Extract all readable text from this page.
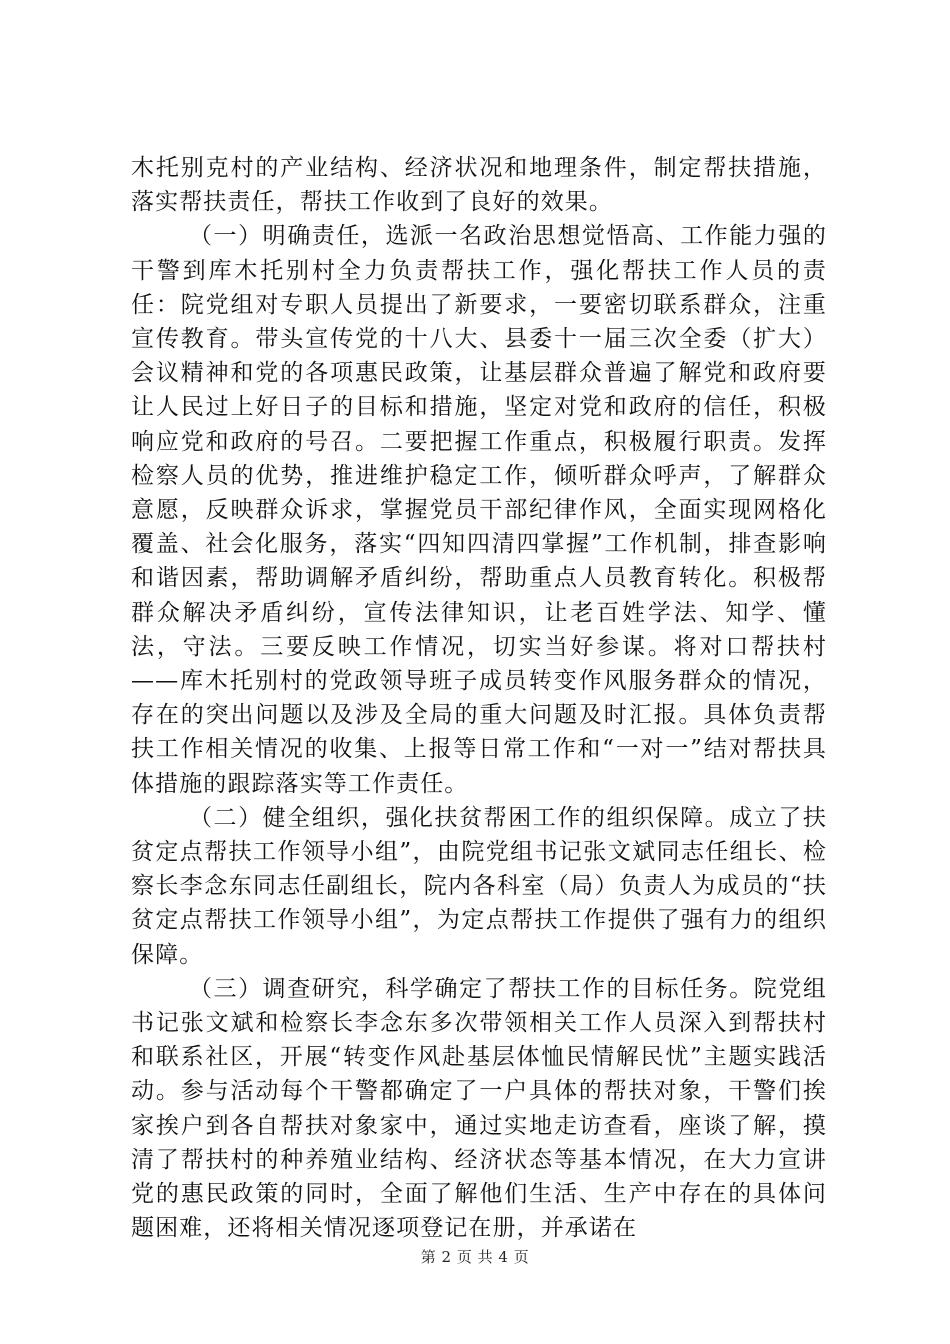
木托别克村的产业结构、经济状况和地理条件，制定帮扶措施，落实帮扶责任，帮扶工作收到了良好的效果。

（一）明确责任，选派一名政治思想觉悟高、工作能力强的干警到库木托别村全力负责帮扶工作，强化帮扶工作人员的责任：院党组对专职人员提出了新要求，一要密切联系群众，注重宣传教育。带头宣传党的十八大、县委十一届三次全委（扩大）会议精神和党的各项惠民政策，让基层群众普遍了解党和政府要让人民过上好日子的目标和措施，坚定对党和政府的信任，积极响应党和政府的号召。二要把握工作重点，积极履行职责。发挥检察人员的优势，推进维护稳定工作，倾听群众呼声，了解群众意愿，反映群众诉求，掌握党员干部纪律作风，全面实现网格化覆盖、社会化服务，落实“四知四清四掌握”工作机制，排查影响和谐因素，帮助调解矛盾纠纷，帮助重点人员教育转化。积极帮群众解决矛盾纠纷，宣传法律知识，让老百姓学法、知学、懂法，守法。三要反映工作情况，切实当好参谋。将对口帮扶村——库木托别村的党政领导班子成员转变作风服务群众的情况，存在的突出问题以及涉及全局的重大问题及时汇报。具体负责帮扶工作相关情况的收集、上报等日常工作和“一对一”结对帮扶具体措施的跟踪落实等工作责任。

（二）健全组织，强化扶贫帮困工作的组织保障。成立了扶贫定点帮扶工作领导小组”，由院党组书记张文斌同志任组长、检察长李念东同志任副组长，院内各科室（局）负责人为成员的“扶贫定点帮扶工作领导小组”，为定点帮扶工作提供了强有力的组织保障。

（三）调查研究，科学确定了帮扶工作的目标任务。院党组书记张文斌和检察长李念东多次带领相关工作人员深入到帮扶村和联系社区，开展“转变作风赴基层体恤民情解民忧”主题实践活动。参与活动每个干警都确定了一户具体的帮扶对象，干警们挨家挨户到各自帮扶对象家中，通过实地走访查看，座谈了解，摸清了帮扶村的种养殖业结构、经济状态等基本情况，在大力宣讲党的惠民政策的同时，全面了解他们生活、生产中存在的具体问题困难，还将相关情况逐项登记在册，并承诺在

第 2 页 共 4 页
